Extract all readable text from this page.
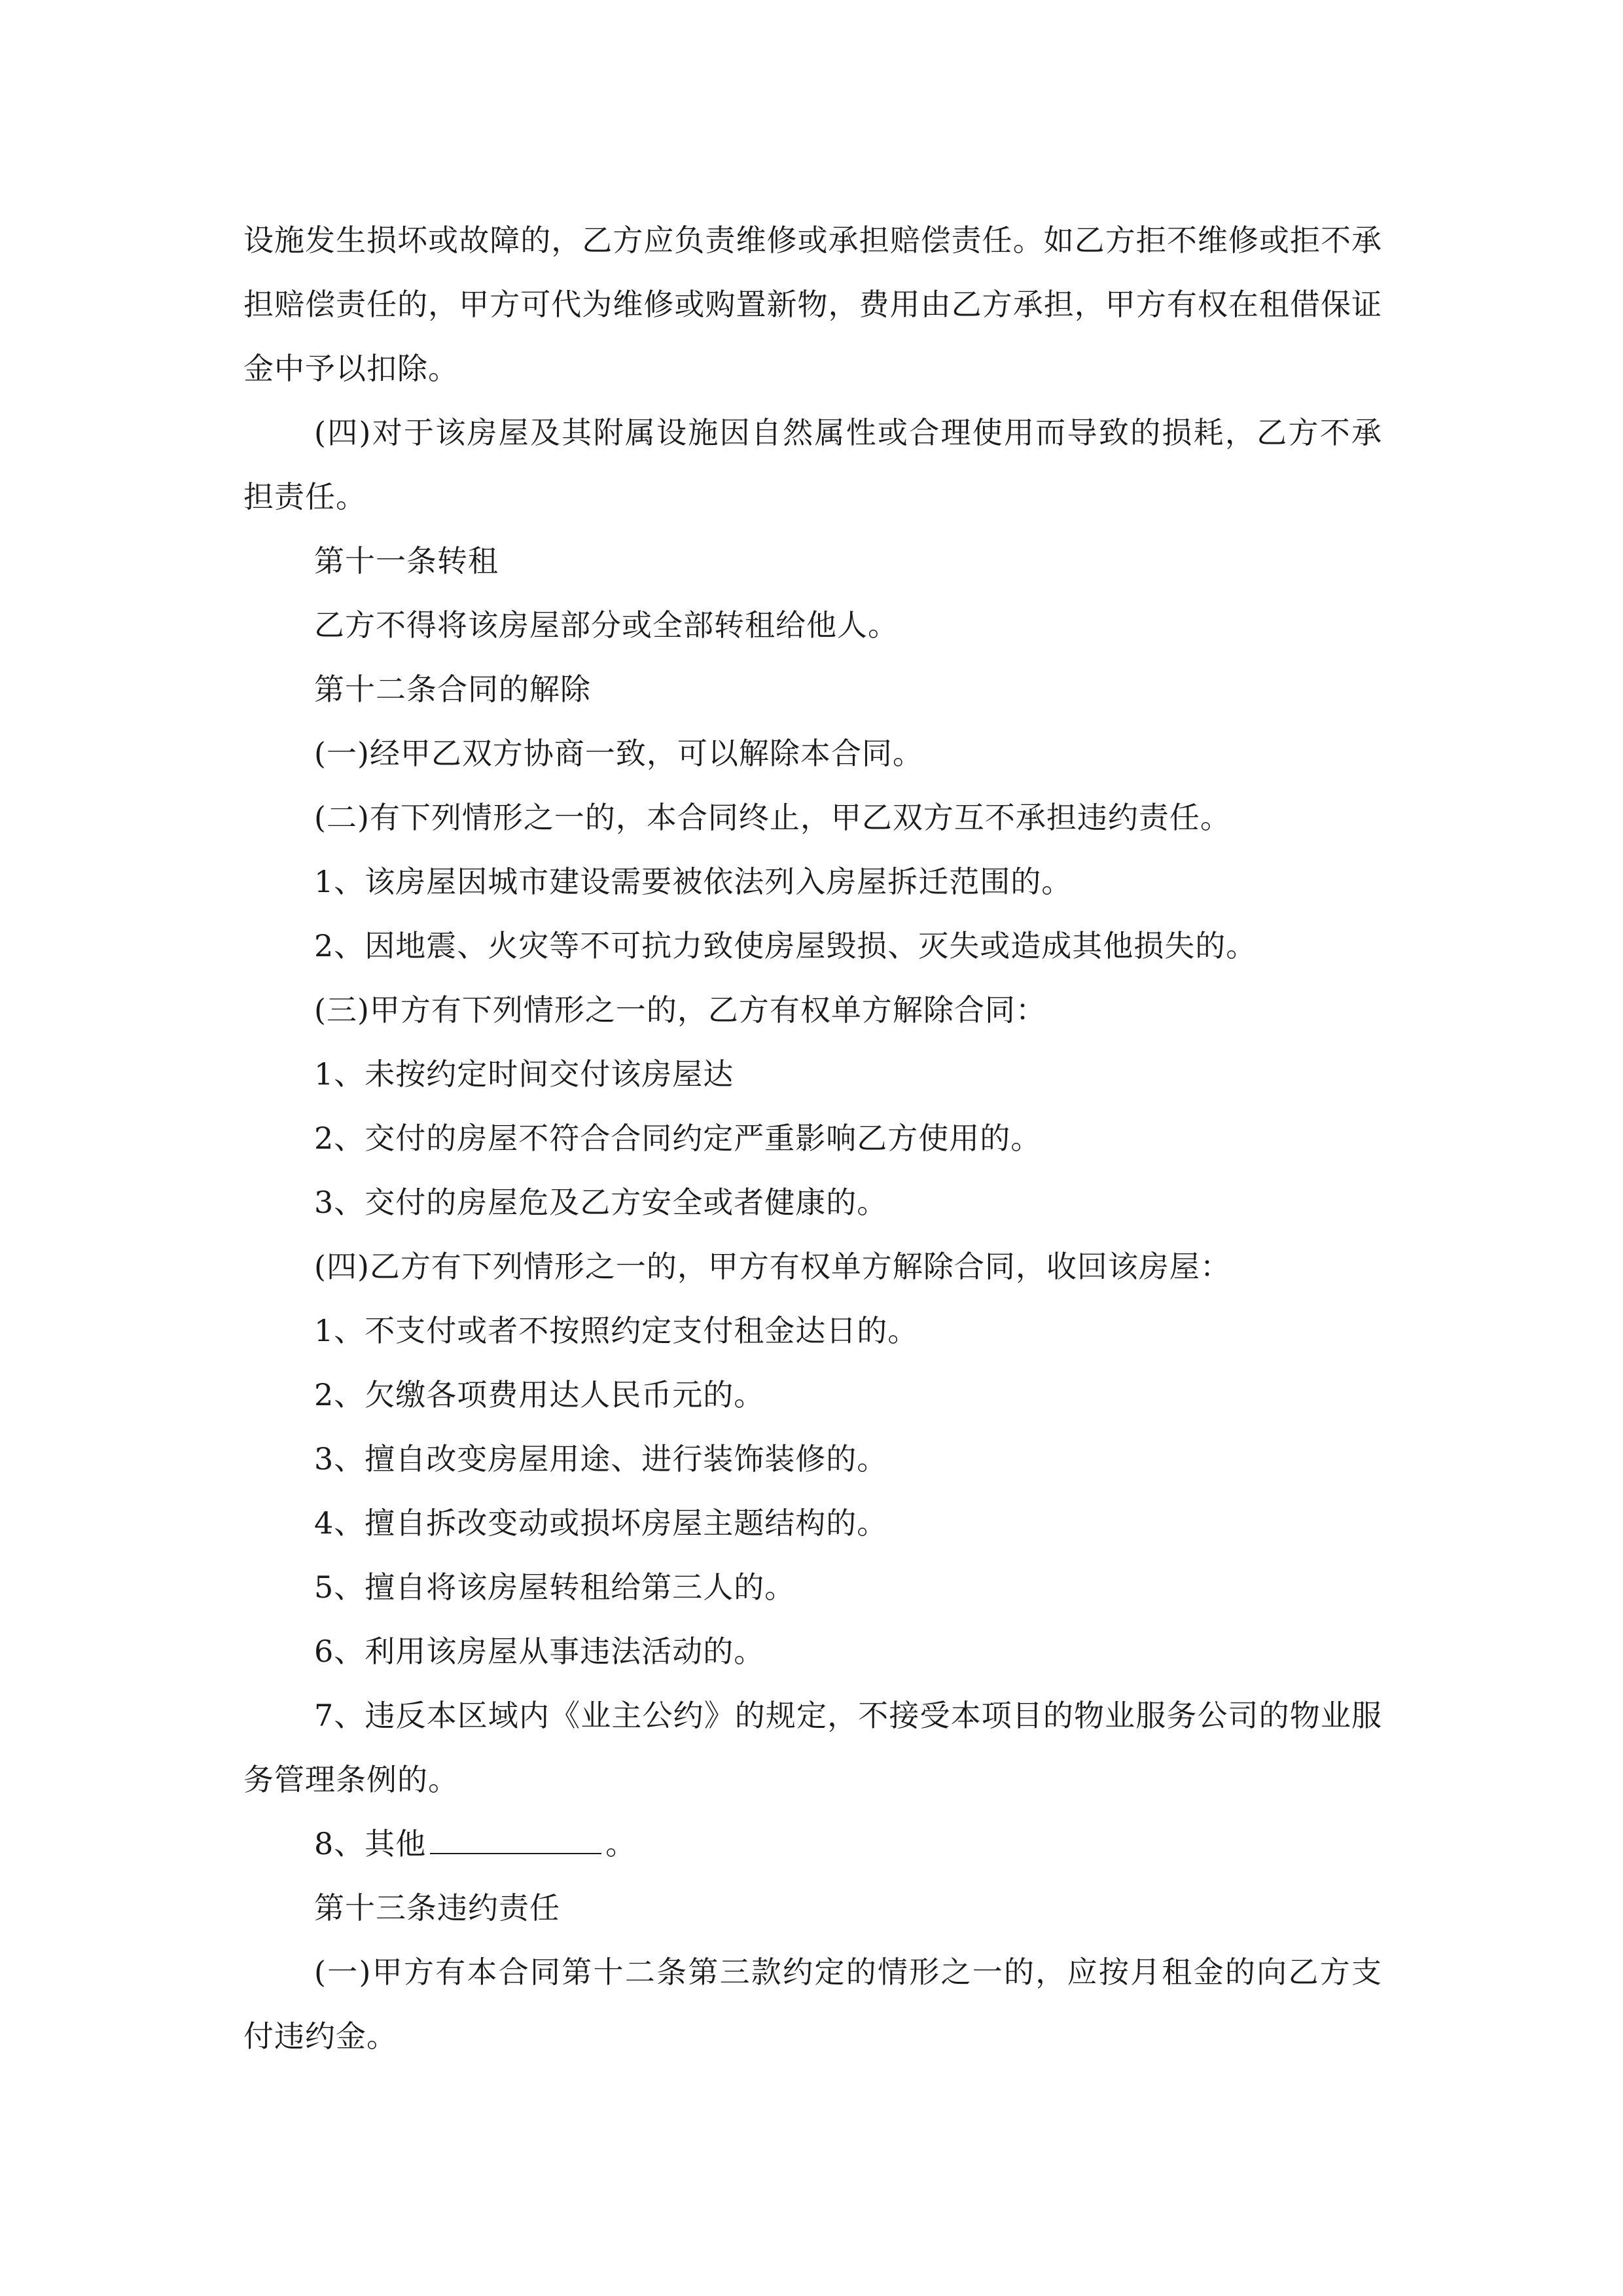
设施发生损坏或故障的，乙方应负责维修或承担赔偿责任。如乙方拒不维修或拒不承担赔偿责任的，甲方可代为维修或购置新物，费用由乙方承担，甲方有权在租借保证金中予以扣除。

(四)对于该房屋及其附属设施因自然属性或合理使用而导致的损耗，乙方不承担责任。

第十一条转租

乙方不得将该房屋部分或全部转租给他人。

第十二条合同的解除

(一)经甲乙双方协商一致，可以解除本合同。

(二)有下列情形之一的，本合同终止，甲乙双方互不承担违约责任。

1、该房屋因城市建设需要被依法列入房屋拆迁范围的。

2、因地震、火灾等不可抗力致使房屋毁损、灭失或造成其他损失的。

(三)甲方有下列情形之一的，乙方有权单方解除合同：

1、未按约定时间交付该房屋达

2、交付的房屋不符合合同约定严重影响乙方使用的。

3、交付的房屋危及乙方安全或者健康的。

(四)乙方有下列情形之一的，甲方有权单方解除合同，收回该房屋：

1、不支付或者不按照约定支付租金达日的。

2、欠缴各项费用达人民币元的。

3、擅自改变房屋用途、进行装饰装修的。

4、擅自拆改变动或损坏房屋主题结构的。

5、擅自将该房屋转租给第三人的。

6、利用该房屋从事违法活动的。

7、违反本区域内《业主公约》的规定，不接受本项目的物业服务公司的物业服务管理条例的。

8、其他	。

第十三条违约责任

(一)甲方有本合同第十二条第三款约定的情形之一的，应按月租金的向乙方支付违约金。
